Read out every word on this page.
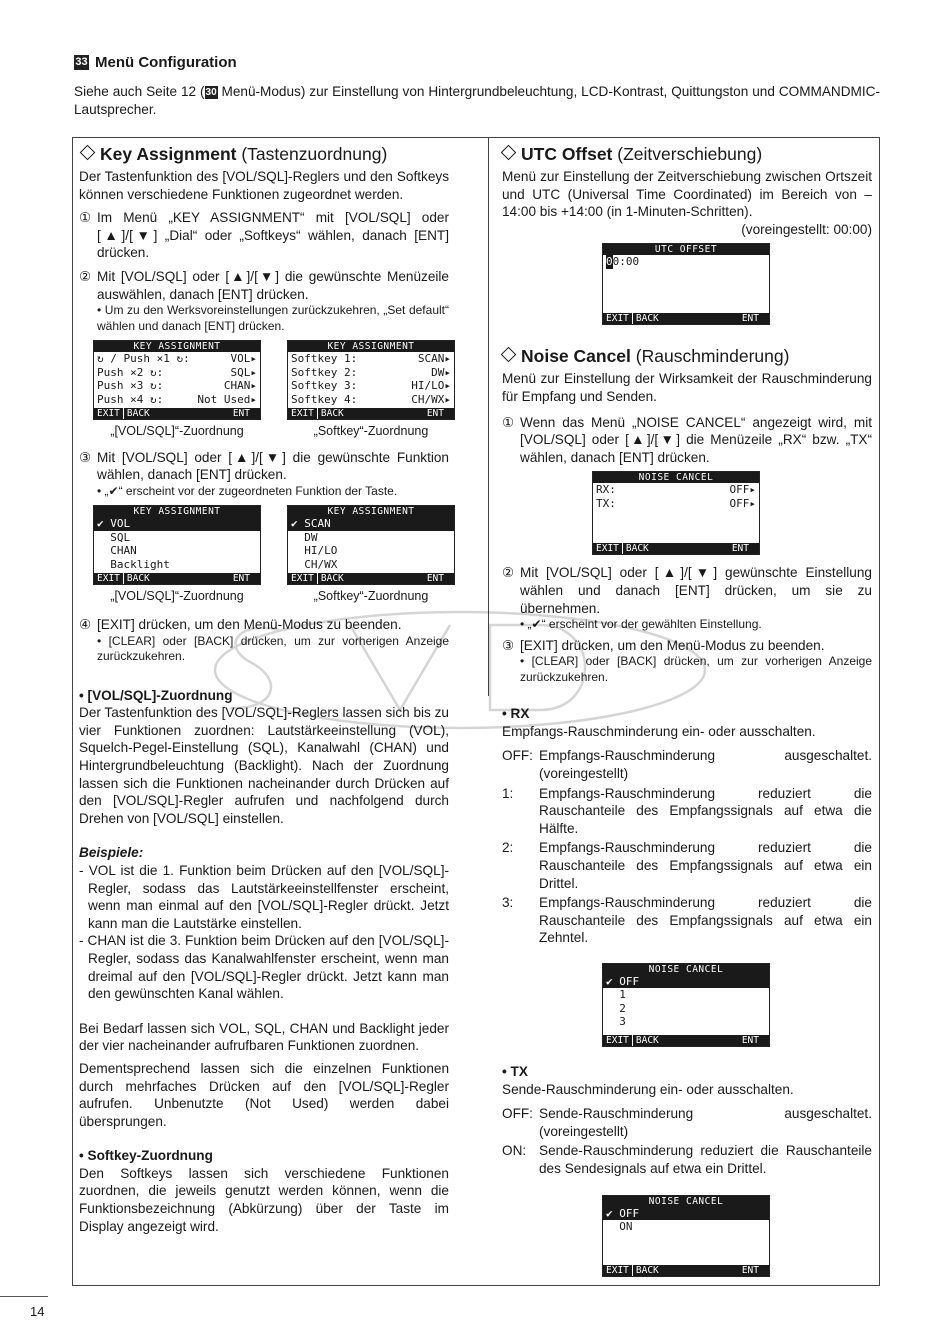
33 Menü Configuration
Siehe auch Seite 12 (30 Menü-Modus) zur Einstellung von Hintergrundbeleuchtung, LCD-Kontrast, Quittungston und COMMANDMIC-Lautsprecher.
Key Assignment (Tastenzuordnung)

Der Tastenfunktion des [VOL/SQL]-Reglers und den Softkeys können verschiedene Funktionen zugeordnet werden.

① Im Menü „KEY ASSIGNMENT“ mit [VOL/SQL] oder [▲]/[▼] „Dial“ oder „Softkeys“ wählen, danach [ENT] drücken.
② Mit [VOL/SQL] oder [▲]/[▼] die gewünschte Menüzeile auswählen, danach [ENT] drücken.
• Um zu den Werksvoreinstellungen zurückzukehren, „Set default“ wählen und danach [ENT] drücken.
KEY ASSIGNMENT
↻ / Push ×1 ↻:	VOL▸
Push ×2 ↻:	SQL▸
Push ×3 ↻:	CHAN▸
Push ×4 ↻:	Not Used▸
EXIT BACK	ENT
„[VOL/SQL]“-Zuordnung
KEY ASSIGNMENT
Softkey 1:	SCAN▸
Softkey 2:	DW▸
Softkey 3:	HI/LO▸
Softkey 4:	CH/WX▸
EXIT BACK	ENT
„Softkey“-Zuordnung
③ Mit [VOL/SQL] oder [▲]/[▼] die gewünschte Funktion wählen, danach [ENT] drücken.
• „✔“ erscheint vor der zugeordneten Funktion der Taste.
KEY ASSIGNMENT
✔ VOL
SQL
CHAN
Backlight
EXIT BACK	ENT
„[VOL/SQL]“-Zuordnung
KEY ASSIGNMENT
✔ SCAN
DW
HI/LO
CH/WX
EXIT BACK	ENT
„Softkey“-Zuordnung
④ [EXIT] drücken, um den Menü-Modus zu beenden.
• [CLEAR] oder [BACK] drücken, um zur vorherigen Anzeige zurückzukehren.
• [VOL/SQL]-Zuordnung

Der Tastenfunktion des [VOL/SQL]-Reglers lassen sich bis zu vier Funktionen zuordnen: Lautstärkeeinstellung (VOL), Squelch-Pegel-Einstellung (SQL), Kanalwahl (CHAN) und Hintergrundbeleuchtung (Backlight). Nach der Zuordnung lassen sich die Funktionen nacheinander durch Drücken auf den [VOL/SQL]-Regler aufrufen und nachfolgend durch Drehen von [VOL/SQL] einstellen.

Beispiele:

- VOL ist die 1. Funktion beim Drücken auf den [VOL/SQL]-Regler, sodass das Lautstärkeeinstellfenster erscheint, wenn man einmal auf den [VOL/SQL]-Regler drückt. Jetzt kann man die Lautstärke einstellen.

- CHAN ist die 3. Funktion beim Drücken auf den [VOL/SQL]-Regler, sodass das Kanalwahlfenster erscheint, wenn man dreimal auf den [VOL/SQL]-Regler drückt. Jetzt kann man den gewünschten Kanal wählen.

Bei Bedarf lassen sich VOL, SQL, CHAN und Backlight jeder der vier nacheinander aufrufbaren Funktionen zuordnen.

Dementsprechend lassen sich die einzelnen Funktionen durch mehrfaches Drücken auf den [VOL/SQL]-Regler aufrufen. Unbenutzte (Not Used) werden dabei übersprungen.

• Softkey-Zuordnung

Den Softkeys lassen sich verschiedene Funktionen zuordnen, die jeweils genutzt werden können, wenn die Funktionsbezeichnung (Abkürzung) über der Taste im Display angezeigt wird.

UTC Offset (Zeitverschiebung)

Menü zur Einstellung der Zeitverschiebung zwischen Ortszeit und UTC (Universal Time Coordinated) im Bereich von –14:00 bis +14:00 (in 1-Minuten-Schritten).

(voreingestellt: 00:00)
UTC OFFSET
0 0:00
EXIT BACK	ENT
Noise Cancel (Rauschminderung)

Menü zur Einstellung der Wirksamkeit der Rauschminderung für Empfang und Senden.

① Wenn das Menü „NOISE CANCEL“ angezeigt wird, mit [VOL/SQL] oder [▲]/[▼] die Menüzeile „RX“ bzw. „TX“ wählen, danach [ENT] drücken.
NOISE CANCEL
RX:	OFF▸
TX:	OFF▸
EXIT BACK	ENT
② Mit [VOL/SQL] oder [▲]/[▼] gewünschte Einstellung wählen und danach [ENT] drücken, um sie zu übernehmen.
• „✔“ erscheint vor der gewählten Einstellung.
③ [EXIT] drücken, um den Menü-Modus zu beenden.
• [CLEAR] oder [BACK] drücken, um zur vorherigen Anzeige zurückzukehren.
• RX

Empfangs-Rauschminderung ein- oder ausschalten.

OFF: Empfangs-Rauschminderung ausgeschaltet. (voreingestellt)
1:	Empfangs-Rauschminderung reduziert die Rauschanteile des Empfangssignals auf etwa die Hälfte.
2:	Empfangs-Rauschminderung reduziert die Rauschanteile des Empfangssignals auf etwa ein Drittel.
3:	Empfangs-Rauschminderung reduziert die Rauschanteile des Empfangssignals auf etwa ein Zehntel.
NOISE CANCEL
✔ OFF
1
2
3
EXIT BACK	ENT
• TX

Sende-Rauschminderung ein- oder ausschalten.

OFF: Sende-Rauschminderung ausgeschaltet. (voreingestellt)
ON: Sende-Rauschminderung reduziert die Rauschanteile des Sendesignals auf etwa ein Drittel.
NOISE CANCEL
✔ OFF
ON
EXIT BACK	ENT
14
